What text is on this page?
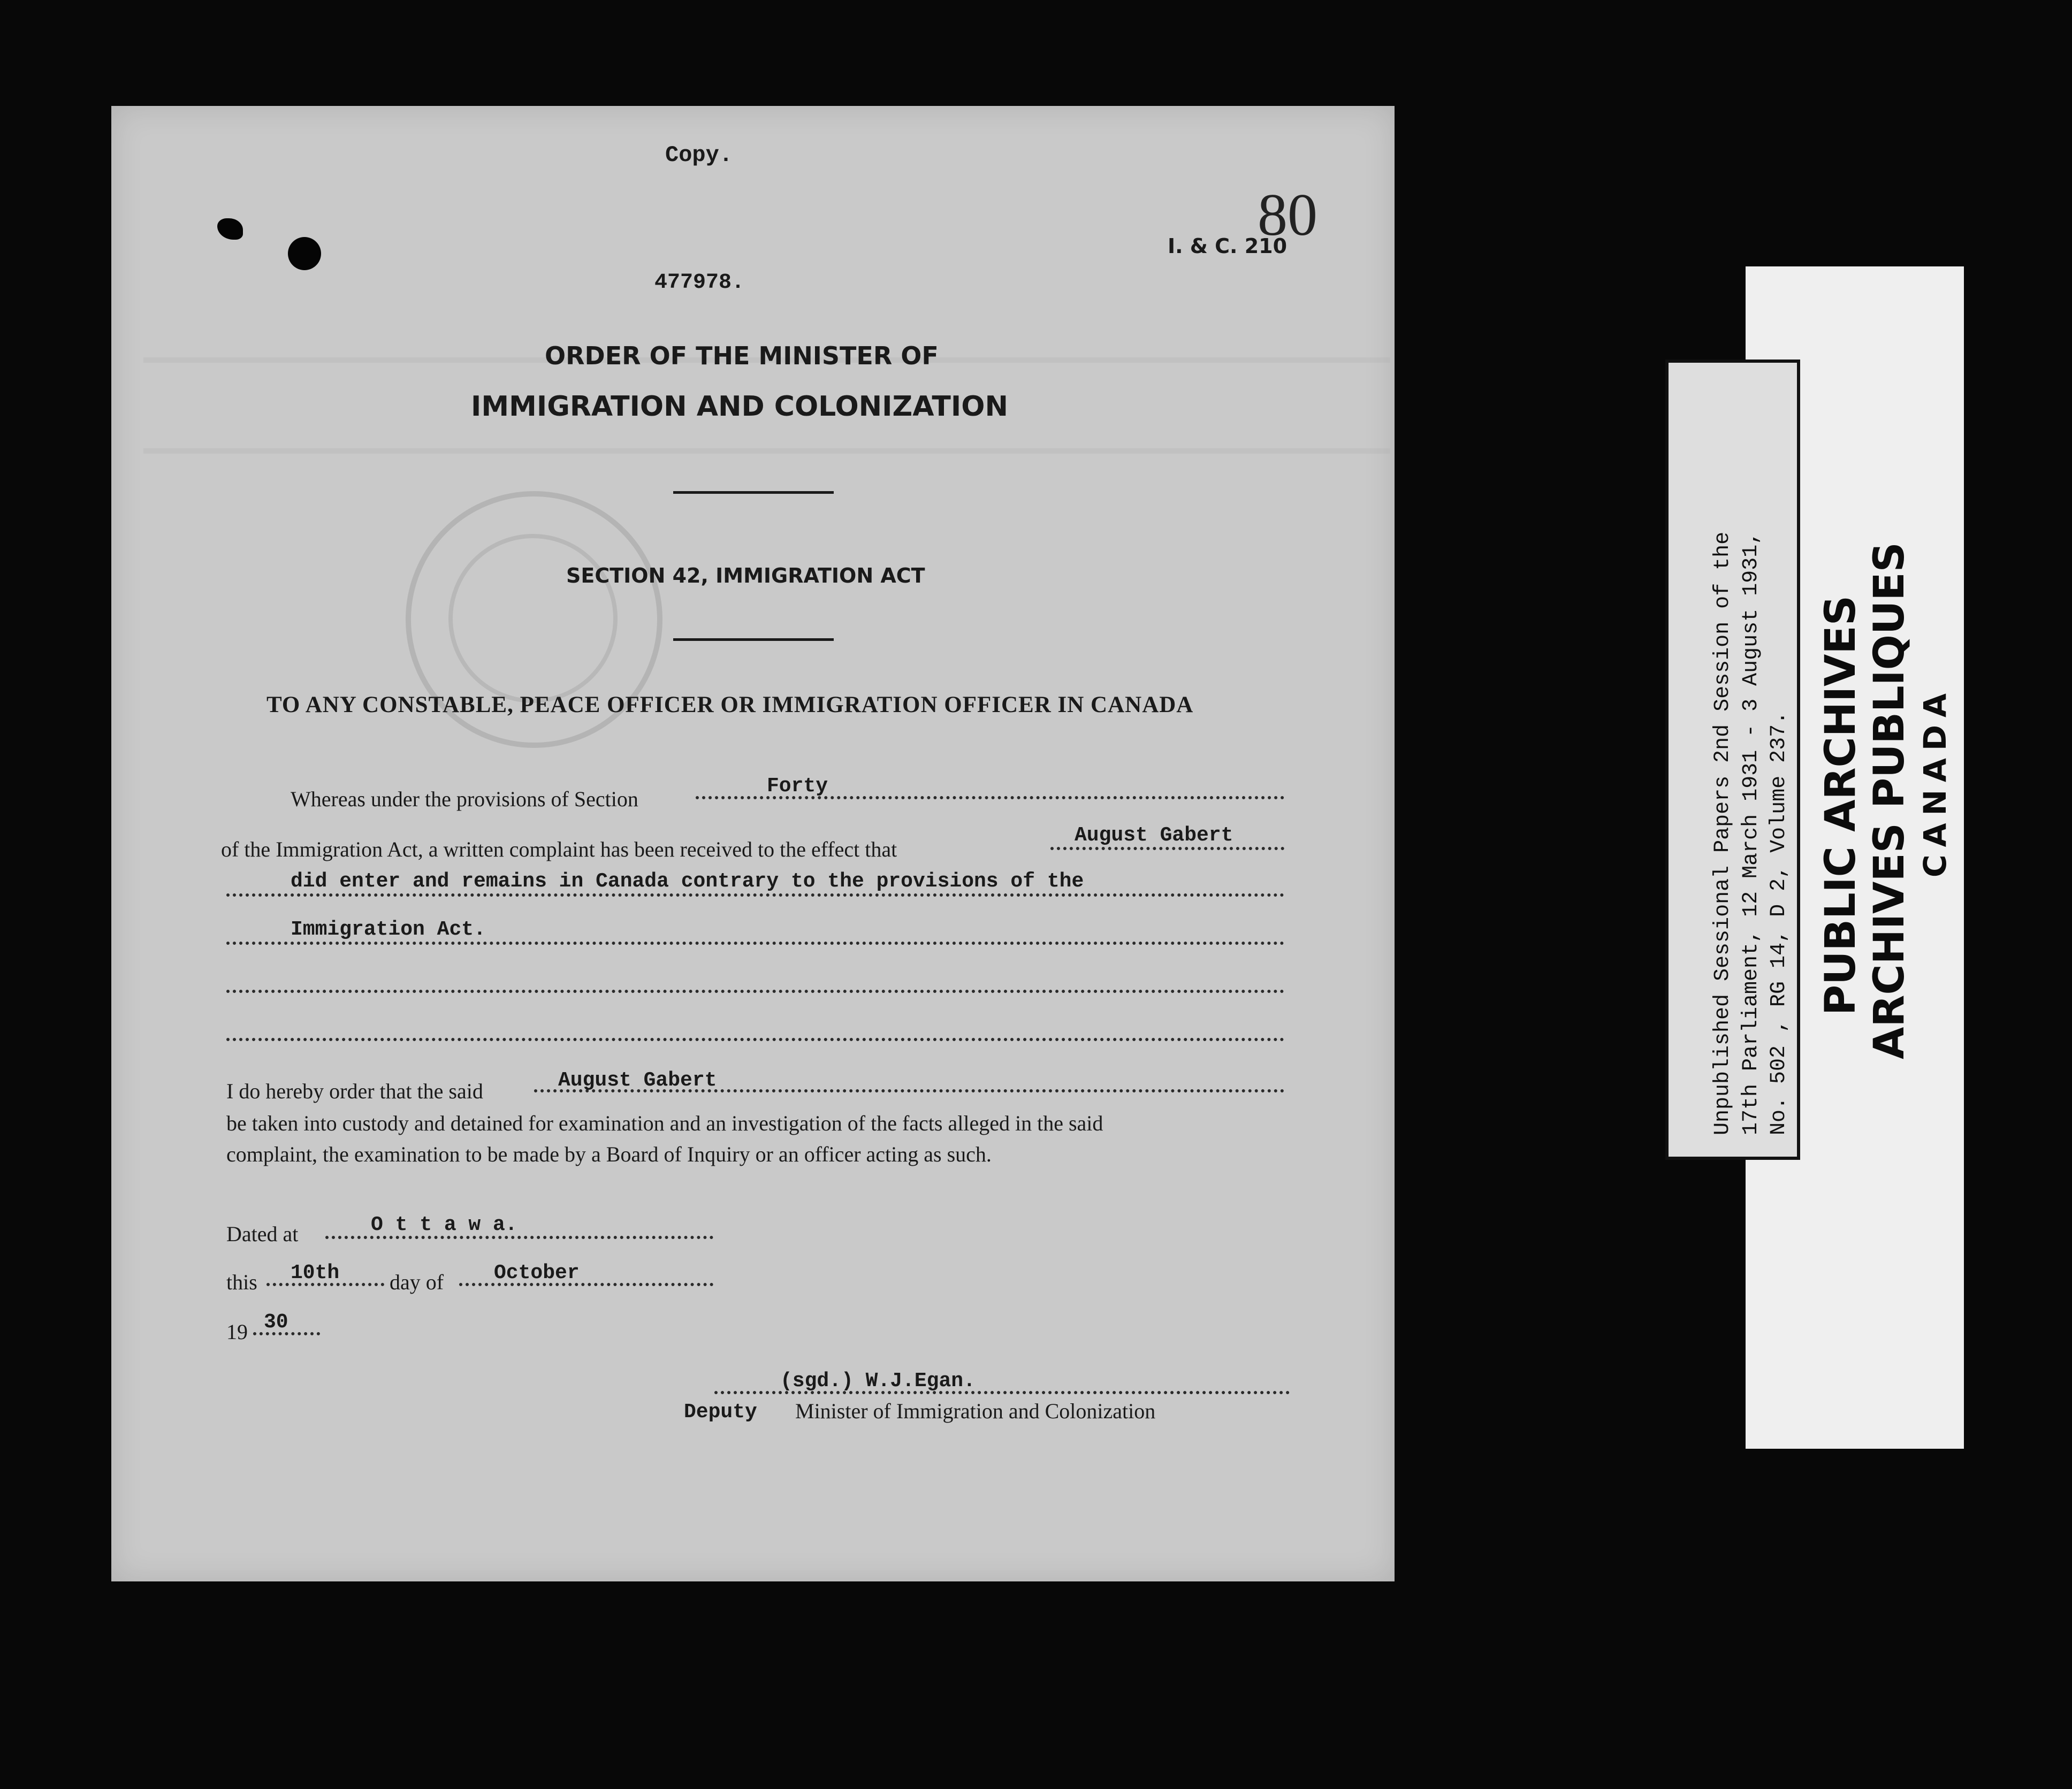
Copy.
80
I. & C. 210
477978.
ORDER OF THE MINISTER OF
IMMIGRATION AND COLONIZATION
SECTION 42, IMMIGRATION ACT
TO ANY CONSTABLE, PEACE OFFICER OR IMMIGRATION OFFICER IN CANADA
Whereas under the provisions of Section
Forty
of the Immigration Act, a written complaint has been received to the effect that
August Gabert
did enter and remains in Canada contrary to the provisions of the
Immigration Act.
I do hereby order that the said	August Gabert
be taken into custody and detained for examination and an investigation of the facts alleged in the said
complaint, the examination to be made by a Board of Inquiry or an officer acting as such.
Dated at	O t t a w a.
this 10th day of October
19 30
(sgd.) W.J.Egan.
Deputy Minister of Immigration and Colonization
Unpublished Sessional Papers 2nd Session of the 17th Parliament, 12 March 1931 - 3 August 1931, No. 502 , RG 14, D 2, Volume 237. PUBLIC ARCHIVES ARCHIVES PUBLIQUES CANADA
